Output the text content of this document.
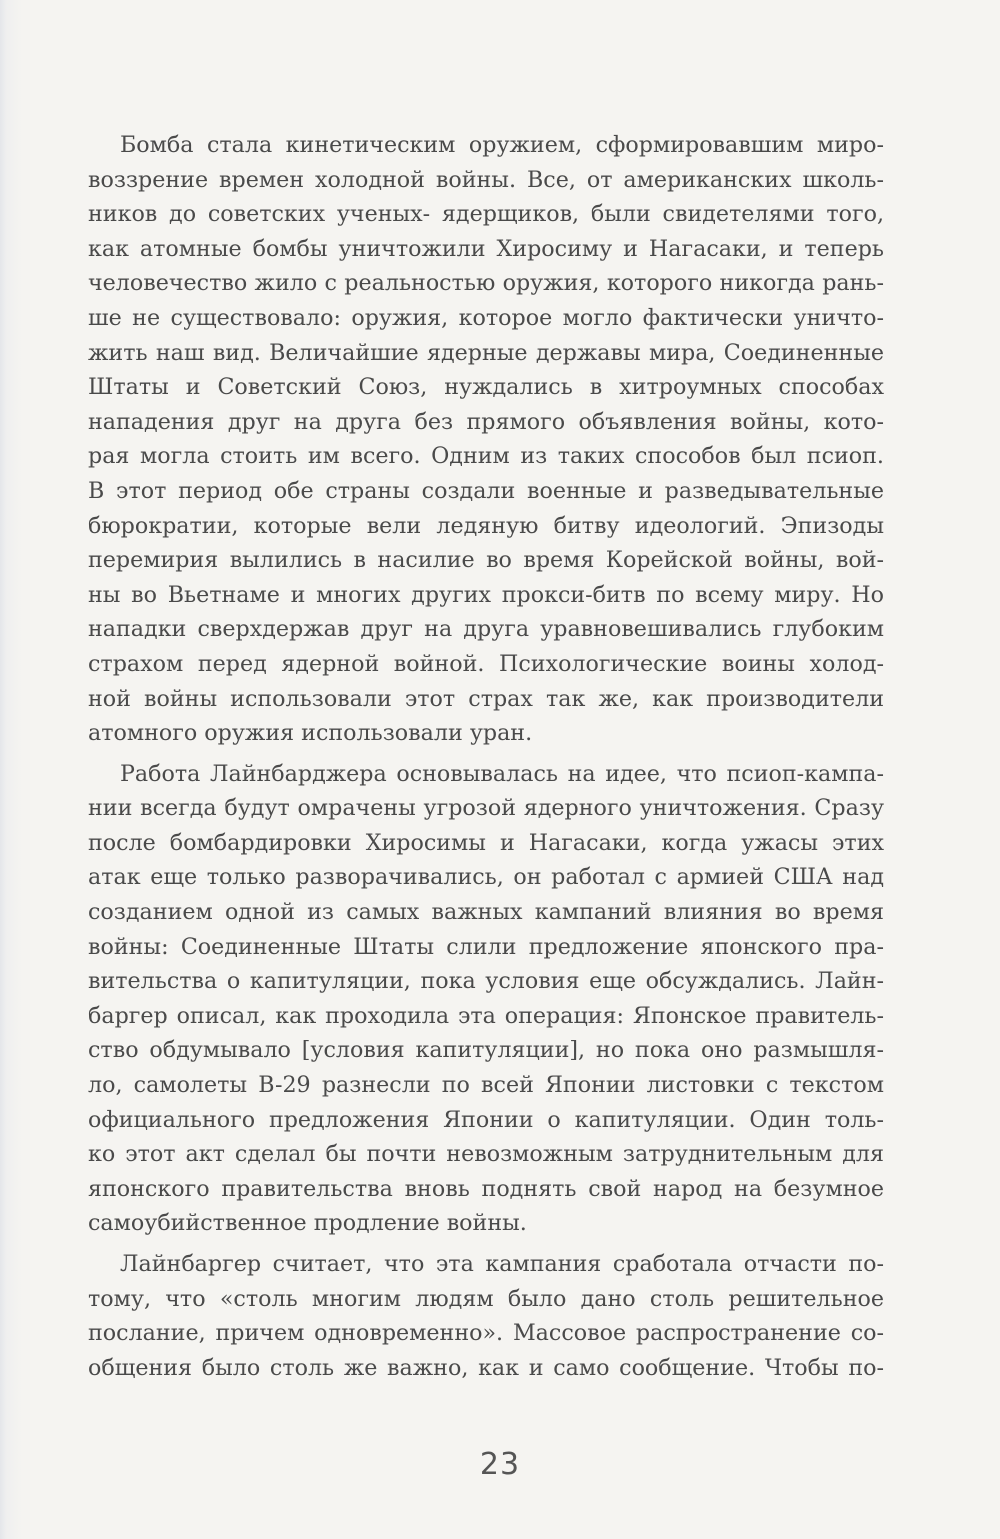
Бомба стала кинетическим оружием, сформировавшим миро-
воззрение времен холодной войны. Все, от американских школь-
ников до советских ученых- ядерщиков, были свидетелями того,
как атомные бомбы уничтожили Хиросиму и Нагасаки, и теперь
человечество жило с реальностью оружия, которого никогда рань-
ше не существовало: оружия, которое могло фактически уничто-
жить наш вид. Величайшие ядерные державы мира, Соединенные
Штаты и Советский Союз, нуждались в хитроумных способах
нападения друг на друга без прямого объявления войны, кото-
рая могла стоить им всего. Одним из таких способов был псиоп.
В этот период обе страны создали военные и разведывательные
бюрократии, которые вели ледяную битву идеологий. Эпизоды
перемирия вылились в насилие во время Корейской войны, вой-
ны во Вьетнаме и многих других прокси-битв по всему миру. Но
нападки сверхдержав друг на друга уравновешивались глубоким
страхом перед ядерной войной. Психологические воины холод-
ной войны использовали этот страх так же, как производители
атомного оружия использовали уран.
Работа Лайнбарджера основывалась на идее, что псиоп-кампа-
нии всегда будут омрачены угрозой ядерного уничтожения. Сразу
после бомбардировки Хиросимы и Нагасаки, когда ужасы этих
атак еще только разворачивались, он работал с армией США над
созданием одной из самых важных кампаний влияния во время
войны: Соединенные Штаты слили предложение японского пра-
вительства о капитуляции, пока условия еще обсуждались. Лайн-
баргер описал, как проходила эта операция: Японское правитель-
ство обдумывало [условия капитуляции], но пока оно размышля-
ло, самолеты B-29 разнесли по всей Японии листовки с текстом
официального предложения Японии о капитуляции. Один толь-
ко этот акт сделал бы почти невозможным затруднительным для
японского правительства вновь поднять свой народ на безумное
самоубийственное продление войны.
Лайнбаргер считает, что эта кампания сработала отчасти по-
тому, что «столь многим людям было дано столь решительное
послание, причем одновременно». Массовое распространение со-
общения было столь же важно, как и само сообщение. Чтобы по-
23
